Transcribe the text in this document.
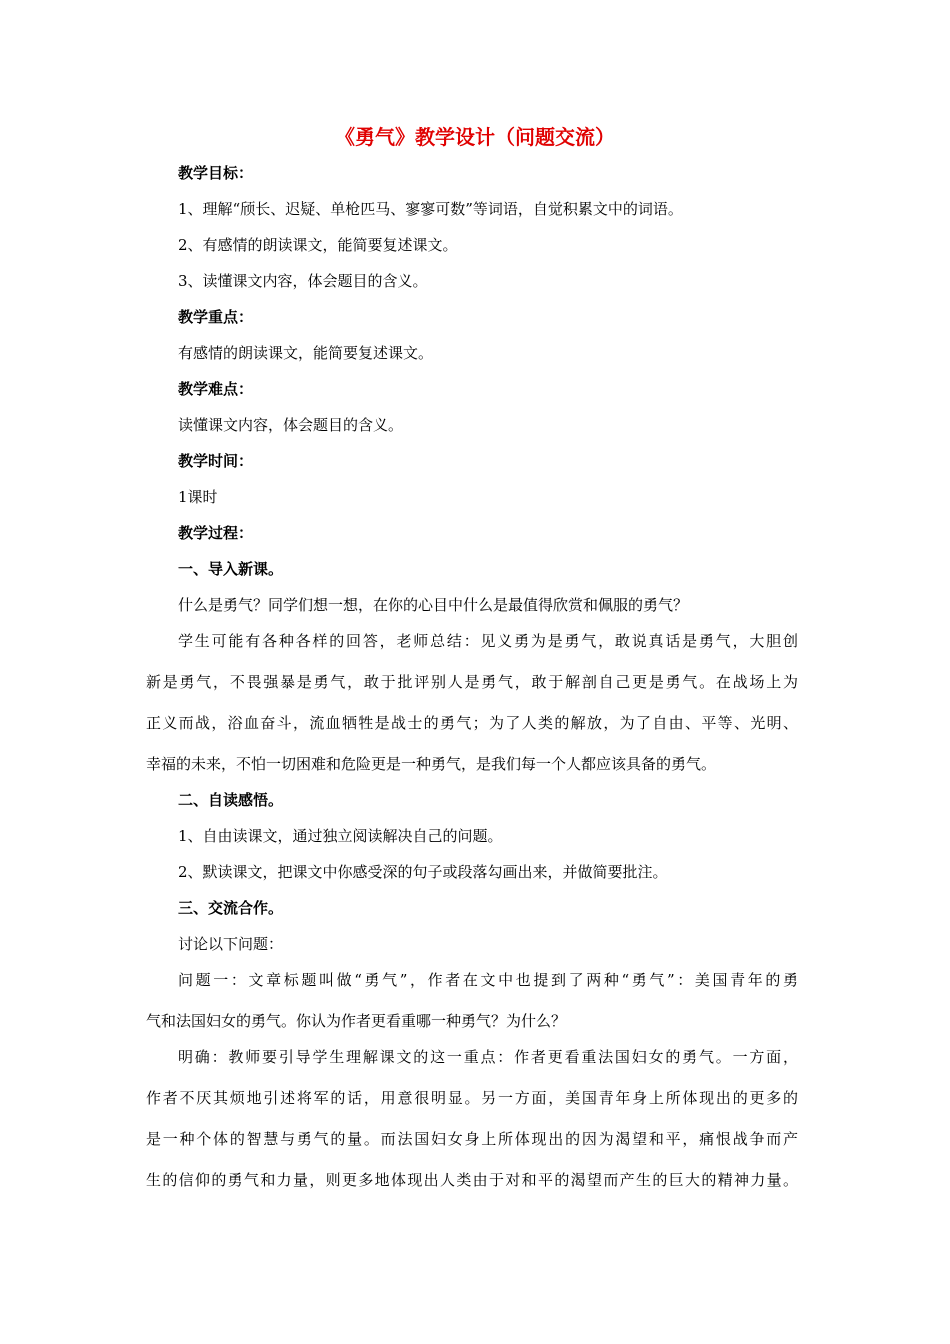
《勇气》教学设计（问题交流）
教学目标：
1、理解“颀长、迟疑、单枪匹马、寥寥可数”等词语，自觉积累文中的词语。
2、有感情的朗读课文，能简要复述课文。
3、读懂课文内容，体会题目的含义。
教学重点：
有感情的朗读课文，能简要复述课文。
教学难点：
读懂课文内容，体会题目的含义。
教学时间：
1课时
教学过程：
一、导入新课。
什么是勇气？同学们想一想，在你的心目中什么是最值得欣赏和佩服的勇气？
学生可能有各种各样的回答，老师总结：见义勇为是勇气，敢说真话是勇气，大胆创
新是勇气，不畏强暴是勇气，敢于批评别人是勇气，敢于解剖自己更是勇气。在战场上为
正义而战，浴血奋斗，流血牺牲是战士的勇气；为了人类的解放，为了自由、平等、光明、
幸福的未来，不怕一切困难和危险更是一种勇气，是我们每一个人都应该具备的勇气。
二、自读感悟。
1、自由读课文，通过独立阅读解决自己的问题。
2、默读课文，把课文中你感受深的句子或段落勾画出来，并做简要批注。
三、交流合作。
讨论以下问题：
问题一：文章标题叫做“勇气”，作者在文中也提到了两种“勇气”：美国青年的勇
气和法国妇女的勇气。你认为作者更看重哪一种勇气？为什么？
明确：教师要引导学生理解课文的这一重点：作者更看重法国妇女的勇气。一方面，
作者不厌其烦地引述将军的话，用意很明显。另一方面，美国青年身上所体现出的更多的
是一种个体的智慧与勇气的量。而法国妇女身上所体现出的因为渴望和平，痛恨战争而产
生的信仰的勇气和力量，则更多地体现出人类由于对和平的渴望而产生的巨大的精神力量。
